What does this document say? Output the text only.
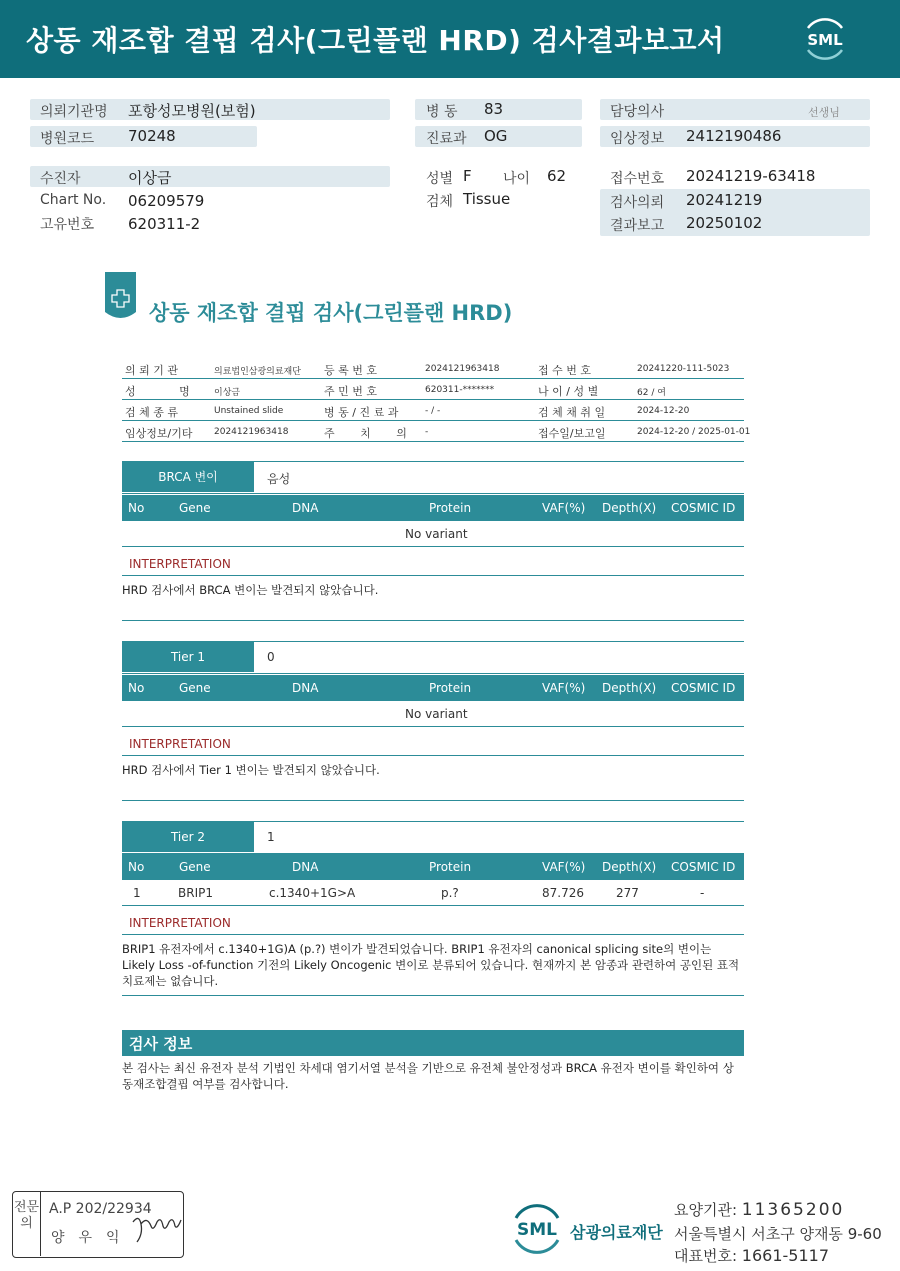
상동 재조합 결핍 검사(그린플랜 HRD) 검사결과보고서	SML
의뢰기관명 포항성모병원(보험)
병원코드 70248
수진자	이상금
Chart No. 06209579
고유번호 620311-2
병 동 83
진료과 OG
성별 F 나이 62
검체 Tissue
담당의사	선생님
임상정보 2412190486
접수번호 20241219-63418
검사의뢰 20241219
결과보고 20250102
상동 재조합 결핍 검사(그린플랜 HRD)
의 뢰 기 관	의료법인삼광의료재단 등 록 번 호	2024121963418	접 수 번 호	20241220-111-5023
성 명	이상금	주 민 번 호	620311-*******	나 이 / 성 별	62 / 여
검 체 종 류	Unstained slide	병 동 / 진 료 과	- / -	검 체 채 취 일	2024-12-20
임상정보/기타 2024121963418	주 치 의 -	접수일/보고일	2024-12-20 / 2025-01-01
BRCA 변이	음성
No	Gene	DNA	Protein	VAF(%) Depth(X) COSMIC ID
No variant
INTERPRETATION
HRD 검사에서 BRCA 변이는 발견되지 않았습니다.
Tier 1	0
No	Gene	DNA	Protein	VAF(%) Depth(X) COSMIC ID
No variant
INTERPRETATION
HRD 검사에서 Tier 1 변이는 발견되지 않았습니다.
Tier 2	1
No	Gene	DNA	Protein	VAF(%) Depth(X) COSMIC ID
1	BRIP1	c.1340+1G>A	p.?	87.726	277	-
INTERPRETATION
BRIP1 유전자에서 c.1340+1G)A (p.?) 변이가 발견되었습니다. BRIP1 유전자의 canonical splicing site의 변이는 Likely Loss -of-function 기전의 Likely Oncogenic 변이로 분류되어 있습니다. 현재까지 본 암종과 관련하여 공인된 표적치료제는 없습니다.
검사 정보
본 검사는 최신 유전자 분석 기법인 차세대 염기서열 분석을 기반으로 유전체 불안정성과 BRCA 유전자 변이를 확인하여 상동재조합결핍 여부를 검사합니다.
전문의
A.P 202/22934
양우익	SML 삼광의료재단
요양기관: 11365200
서울특별시 서초구 양재동 9-60
대표번호: 1661-5117
